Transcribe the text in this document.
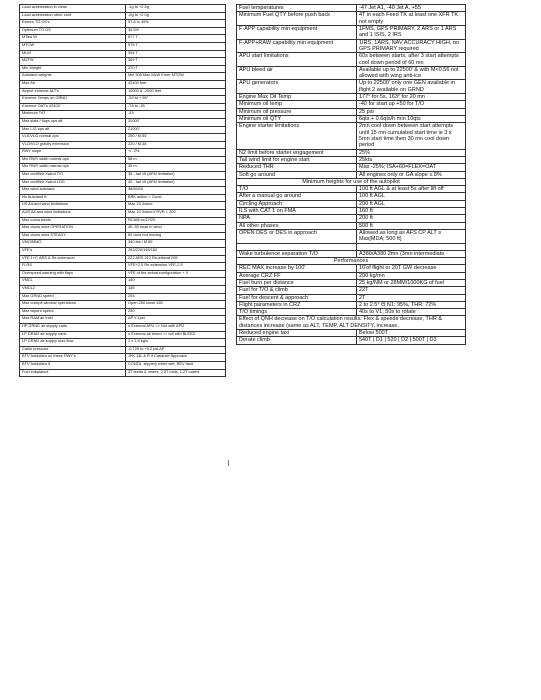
Load acceleration in clean	-1g to +2.5g
Load acceleration other conf	-0g to +2.0g
Extexn TO OS's	57.8 to 49%
Optimum TO OS	39.5%
MTaxi W	577 T
MTOW	575 T
MLW	394 T
MZFW	369 T
Min Weight	270 T
Autoland weights	Min 305 Max MLW Emer MTOW
Max Alt	43100 feet
Airport extreme ALT's	10000 & -2000 feet
Extreme Temps on GRND	-54 to + 55°
Extreme OAT's 43100'	-78 to -35
Minimum TAT	-53
Max slats / flaps ops alt	20000'
Max L/G ops alt	21000'
VLE/VLO normal ops	250 / M.55
VLO/VLO gravity extension	220 / M.48
RWY slope	+/- 2%
Min RWY width normal ops	58 m
Min RWY width narrow ops	45 m
Max certified Xwind T/O	35 - tail 15 (AFM limitation)
Max certified Xwind LDG	40 - tail 10 (AFM limitation)
Max wind autoland	38/30/10
No Autoland if:	BRK action < Good
US A/Land wind limitations	Max 15 Xwind
AUS A/Land wind limitations	Max 10 Xwind if RVR < 200
Max cocta winds	RCAM xx/27/20
Max doors wind OPERATION	40, 50 nose in wind
Max doors wind STEADY	60 door not moving
VMO/MMO	340 kts / M.89
VFE's	263/220/196/182
VFE 1+F, ARS & Re-extension	222 ARS 212 Re-extend 205
FLRS	VFE+2.5 Re-extension VFE-2.5
Overspeed warning with flaps	VFE of the actual configuration + 4
VMCL	140
VMCL2	145
Max GRND speed	204
Max cockpit window operations	Open 250 close 160
Max wipers speed	250
Max RAM air inlet	ΔP ≤ 1psi
HP GRND air supply carts	≤ External APU => Not with APU
LP GRND air supply carts	≤ External air bleed => not with BLEED
LP GRND air supply max flow	2 x 1.6 kg/s
Cabin pressure	-0.725 to +9.2 psi ΔP
BTV forbidden on these RWY's	JFK 13L & R if Canarsie Approach
BTV forbidden if	CONTA, slippery when wet, REV fault
Fuel imbalance	3T feeds & inners, 2.5T mids, 1.2T outers
Fuel temperatures	-47 Jet A1, -40 Jet A, +55
Minimum Fuel QTY before push back	4T in each Feed TK at least one XFR TK not empty
F-APP capability min equipment	1FMS, GPS PRIMARY, 2 ARS or 1 ARS and 1 ISIS, 2 IRS
F-APP+RAW capability min equipment	1IRS, 1ARS, NAV ACCURACY HIGH, no GPS PRIMARY required
APU start limitations	60s between starts, after 3 start attempts cool down period of 60 mn
APU bleed air	Available up to 22500' & with M<0.56 not allowed with wing anti-ice
APU generators	Up to 22500' only one GEN available in flight 2 available on GRND
Engine Max Oil Temp	177° for 5s, 163° for 20 mn
Minimum oil temp	-40 for start up +50 for T/O
Minimum oil pressure	25 psi
Minimum oil QTY	6qts + 0.6qts/h min 10qts
Engine starter limitations	2mn cool down between start attempts until 15 mn cumulated start time ie 3 x 5mn start time then 30 mn cool down period
N2 limit before starter engagement	25%
Tail wind limit for engine start	25kts
Reduced THR	Max -25%; ISA+60=FLEX=OAT
Soft go around	All engines only or GA slope ≤ 8%
Minimum heights for use of the autopilot	
T/O	100 ft AGL & at least 5s after lift off
After a manual go around	100 ft AGL
Circling Approach	200 ft AGL
ILS with CAT 1 on FMA	160 ft
NPA	200 ft
All other phases	500 ft
OPEN DES or DES in approach	Allowed as long as AFS CP ALT ≥ Max[MDA; 500 ft]

Wake turbulence separation T/O	A380/A380 2mn (3mn intermediate
Performances	
REC MAX increase by 100'	10'of flight or 20T GW decrease
Average CRZ FF	200 kg/mn
Fuel burn per distance	25 kg/NM or 28MM/1000KG of fuel
Fuel for T/O & climb	22T
Fuel for descent & approach	2T
Flight parameters in CRZ	2 to 2.5° Θ N1: 95%, THR: 72%
T/O timings	40s to V1; 50s to rotate
Effect of QNH decrease on T/O calculation results: Flex & speeds decrease, THR & distances increase (same as ALT, TEMP, ALT DENSITY, increase.	
Reduced engine taxi	Below 500T
Derate climb	540T | D1 | 520 | D2 | 500T | D3
